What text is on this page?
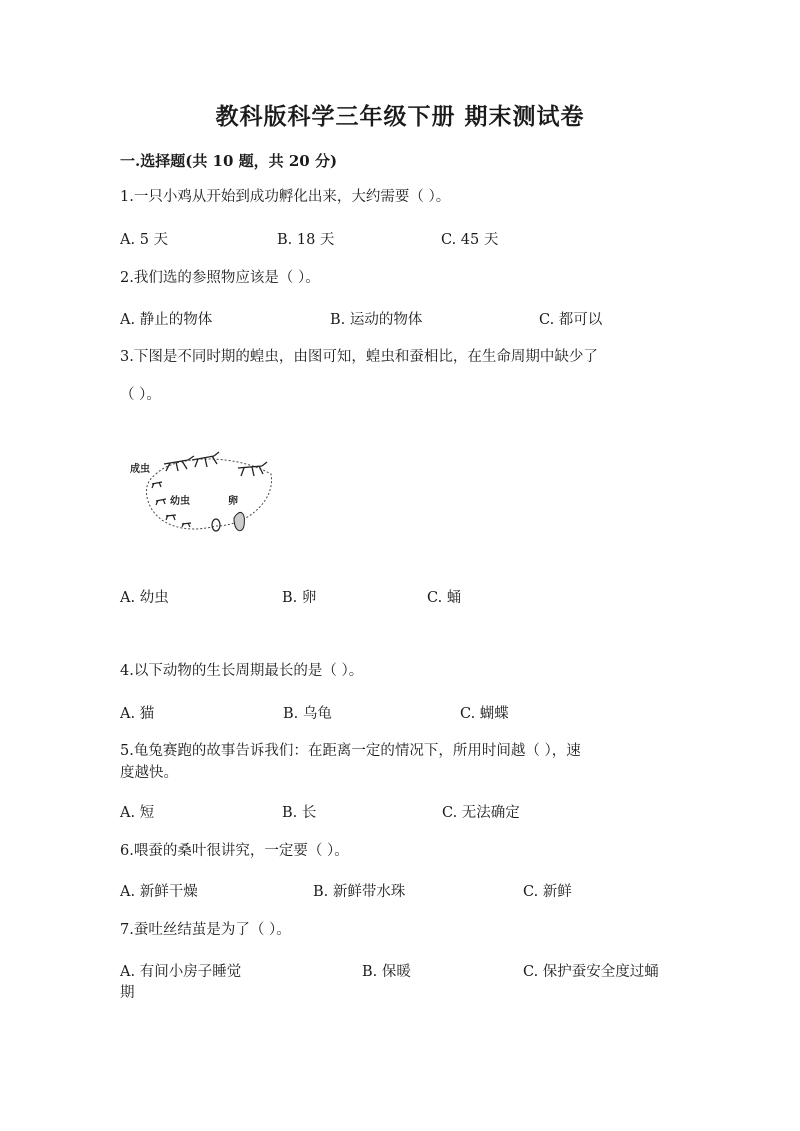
教科版科学三年级下册 期末测试卷
一.选择题(共 10 题，共 20 分)
1.一只小鸡从开始到成功孵化出来，大约需要（ ）。
A. 5 天	B. 18 天	C. 45 天
2.我们选的参照物应该是（ ）。
A. 静止的物体	B. 运动的物体	C. 都可以
3.下图是不同时期的蝗虫，由图可知，蝗虫和蚕相比，在生命周期中缺少了
（ ）。
成虫
幼虫	卵
A. 幼虫	B. 卵	C. 蛹
4.以下动物的生长周期最长的是（ ）。
A. 猫	B. 乌龟	C. 蝴蝶
5.龟兔赛跑的故事告诉我们：在距离一定的情况下，所用时间越（ ），速
度越快。
A. 短	B. 长	C. 无法确定
6.喂蚕的桑叶很讲究，一定要（ ）。
A. 新鲜干燥	B. 新鲜带水珠	C. 新鲜
7.蚕吐丝结茧是为了（ ）。
A. 有间小房子睡觉
期
B. 保暖	C. 保护蚕安全度过蛹
